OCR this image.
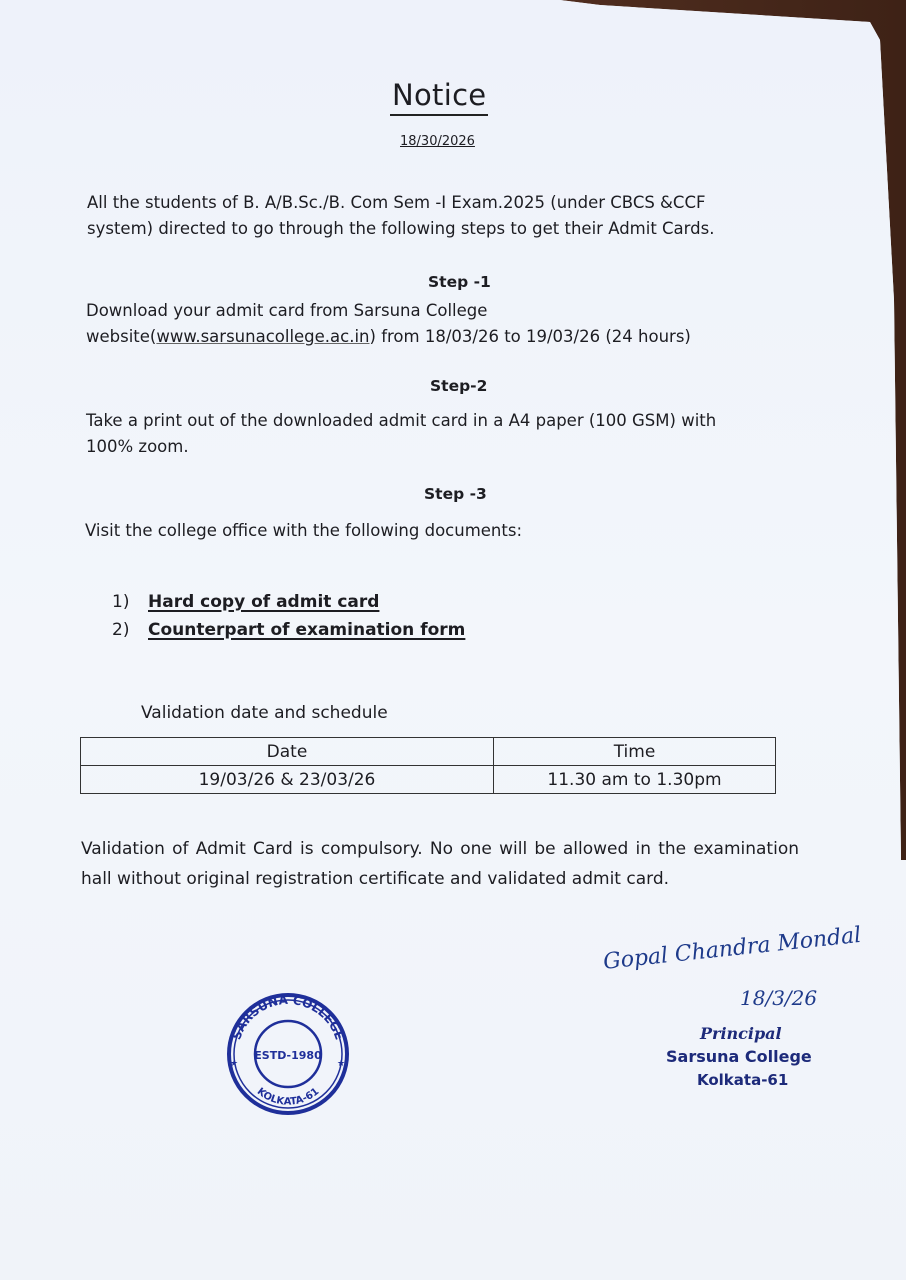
Notice
18/30/2026
All the students of B. A/B.Sc./B. Com Sem -I Exam.2025 (under CBCS &CCF
system) directed to go through the following steps to get their Admit Cards.
Step -1
Download your admit card from Sarsuna College
website(www.sarsunacollege.ac.in) from 18/03/26 to 19/03/26 (24 hours)
Step-2
Take a print out of the downloaded admit card in a A4 paper (100 GSM) with
100% zoom.
Step -3
Visit the college office with the following documents:
1) Hard copy of admit card
2) Counterpart of examination form
Validation date and schedule
Date	Time
19/03/26 & 23/03/26	11.30 am to 1.30pm
Validation of Admit Card is compulsory. No one will be allowed in the examination hall without original registration certificate and validated admit card.
SARSUNA COLLEGE
ESTD-1980
KOLKATA-61
★	★
Gopal Chandra Mondal
18/3/26
Principal
Sarsuna College
Kolkata-61
